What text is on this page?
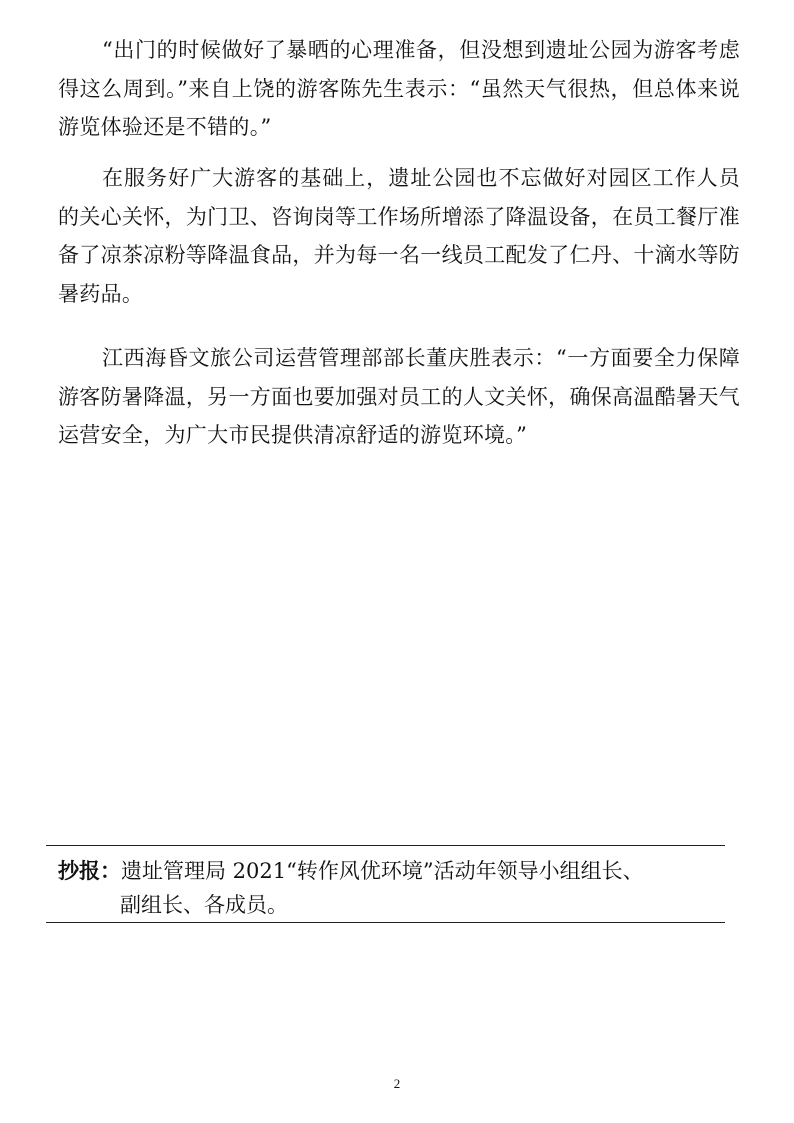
“出门的时候做好了暴晒的心理准备，但没想到遗址公园为游客考虑得这么周到。”来自上饶的游客陈先生表示：“虽然天气很热，但总体来说游览体验还是不错的。”

在服务好广大游客的基础上，遗址公园也不忘做好对园区工作人员的关心关怀，为门卫、咨询岗等工作场所增添了降温设备，在员工餐厅准备了凉茶凉粉等降温食品，并为每一名一线员工配发了仁丹、十滴水等防暑药品。

江西海昏文旅公司运营管理部部长董庆胜表示：“一方面要全力保障游客防暑降温，另一方面也要加强对员工的人文关怀，确保高温酷暑天气运营安全，为广大市民提供清凉舒适的游览环境。”

抄报：遗址管理局 2021“转作风优环境”活动年领导小组组长、
副组长、各成员。
2
